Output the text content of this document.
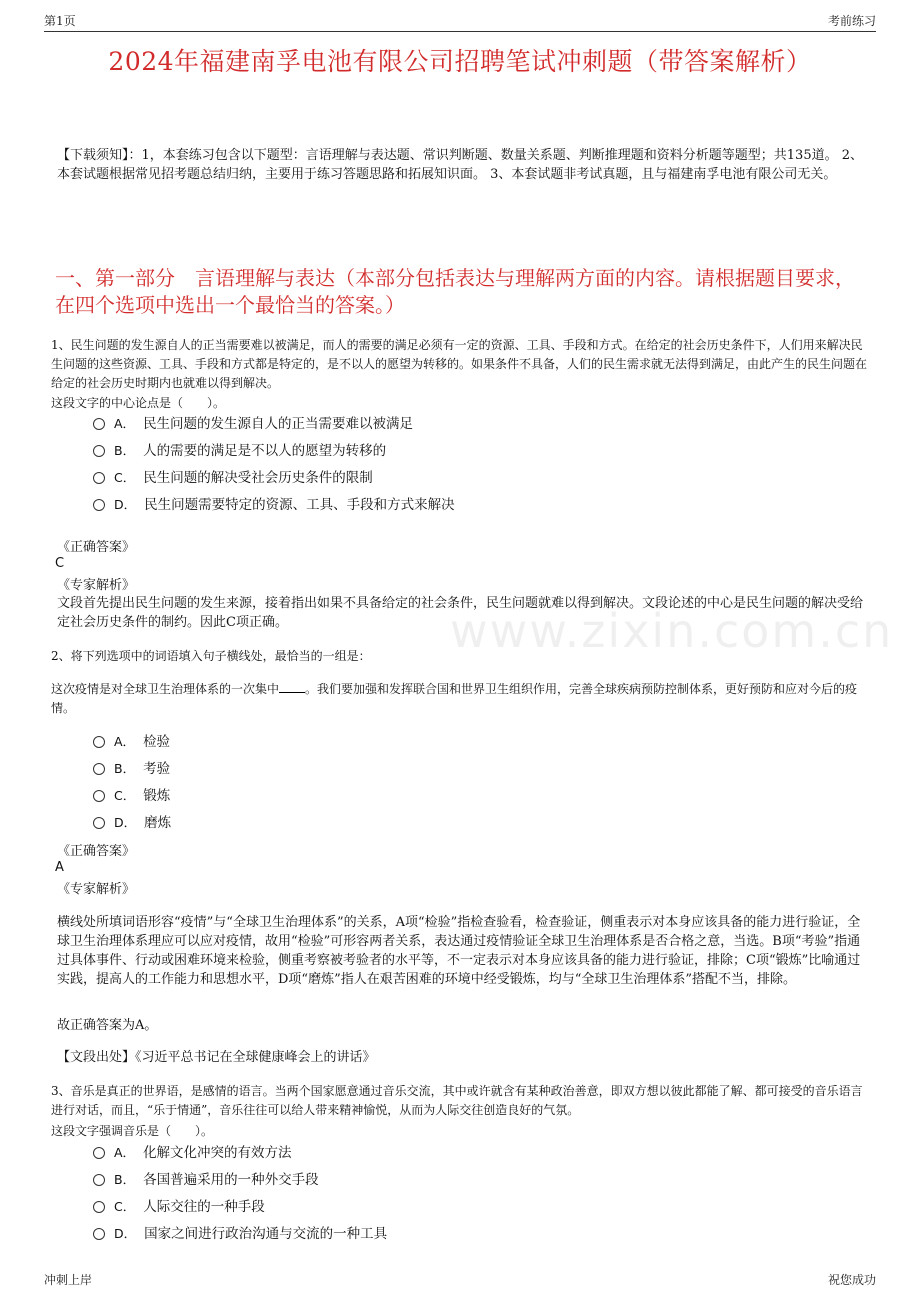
第1页	考前练习
2024年福建南孚电池有限公司招聘笔试冲刺题（带答案解析）
【下载须知】：1，本套练习包含以下题型：言语理解与表达题、常识判断题、数量关系题、判断推理题和资料分析题等题型；共135道。 2、本套试题根据常见招考题总结归纳，主要用于练习答题思路和拓展知识面。 3、本套试题非考试真题，且与福建南孚电池有限公司无关。
一、第一部分　言语理解与表达（本部分包括表达与理解两方面的内容。请根据题目要求，在四个选项中选出一个最恰当的答案。）
www.zixin.com.cn
1、民生问题的发生源自人的正当需要难以被满足，而人的需要的满足必须有一定的资源、工具、手段和方式。在给定的社会历史条件下，人们用来解决民生问题的这些资源、工具、手段和方式都是特定的，是不以人的愿望为转移的。如果条件不具备，人们的民生需求就无法得到满足，由此产生的民生问题在给定的社会历史时期内也就难以得到解决。
这段文字的中心论点是（　　）。
A． 民生问题的发生源自人的正当需要难以被满足
B． 人的需要的满足是不以人的愿望为转移的
C． 民生问题的解决受社会历史条件的限制
D． 民生问题需要特定的资源、工具、手段和方式来解决
《正确答案》
C
《专家解析》
文段首先提出民生问题的发生来源，接着指出如果不具备给定的社会条件，民生问题就难以得到解决。文段论述的中心是民生问题的解决受给定社会历史条件的制约。因此C项正确。
2、将下列选项中的词语填入句子横线处，最恰当的一组是：
这次疫情是对全球卫生治理体系的一次集中 。我们要加强和发挥联合国和世界卫生组织作用，完善全球疾病预防控制体系，更好预防和应对今后的疫情。
A． 检验
B． 考验
C． 锻炼
D． 磨炼
《正确答案》
A
《专家解析》
横线处所填词语形容“疫情”与“全球卫生治理体系”的关系，A项“检验”指检查验看，检查验证，侧重表示对本身应该具备的能力进行验证，全球卫生治理体系理应可以应对疫情，故用“检验”可形容两者关系，表达通过疫情验证全球卫生治理体系是否合格之意，当选。B项“考验”指通过具体事件、行动或困难环境来检验，侧重考察被考验者的水平等，不一定表示对本身应该具备的能力进行验证，排除；C项“锻炼”比喻通过实践，提高人的工作能力和思想水平，D项“磨炼”指人在艰苦困难的环境中经受锻炼，均与“全球卫生治理体系”搭配不当，排除。
故正确答案为A。
【文段出处】《习近平总书记在全球健康峰会上的讲话》
3、音乐是真正的世界语，是感情的语言。当两个国家愿意通过音乐交流，其中或许就含有某种政治善意，即双方想以彼此都能了解、都可接受的音乐语言进行对话，而且，“乐于情通”，音乐往往可以给人带来精神愉悦，从而为人际交往创造良好的气氛。
这段文字强调音乐是（　　）。
A． 化解文化冲突的有效方法
B． 各国普遍采用的一种外交手段
C． 人际交往的一种手段
D． 国家之间进行政治沟通与交流的一种工具
冲刺上岸	祝您成功
